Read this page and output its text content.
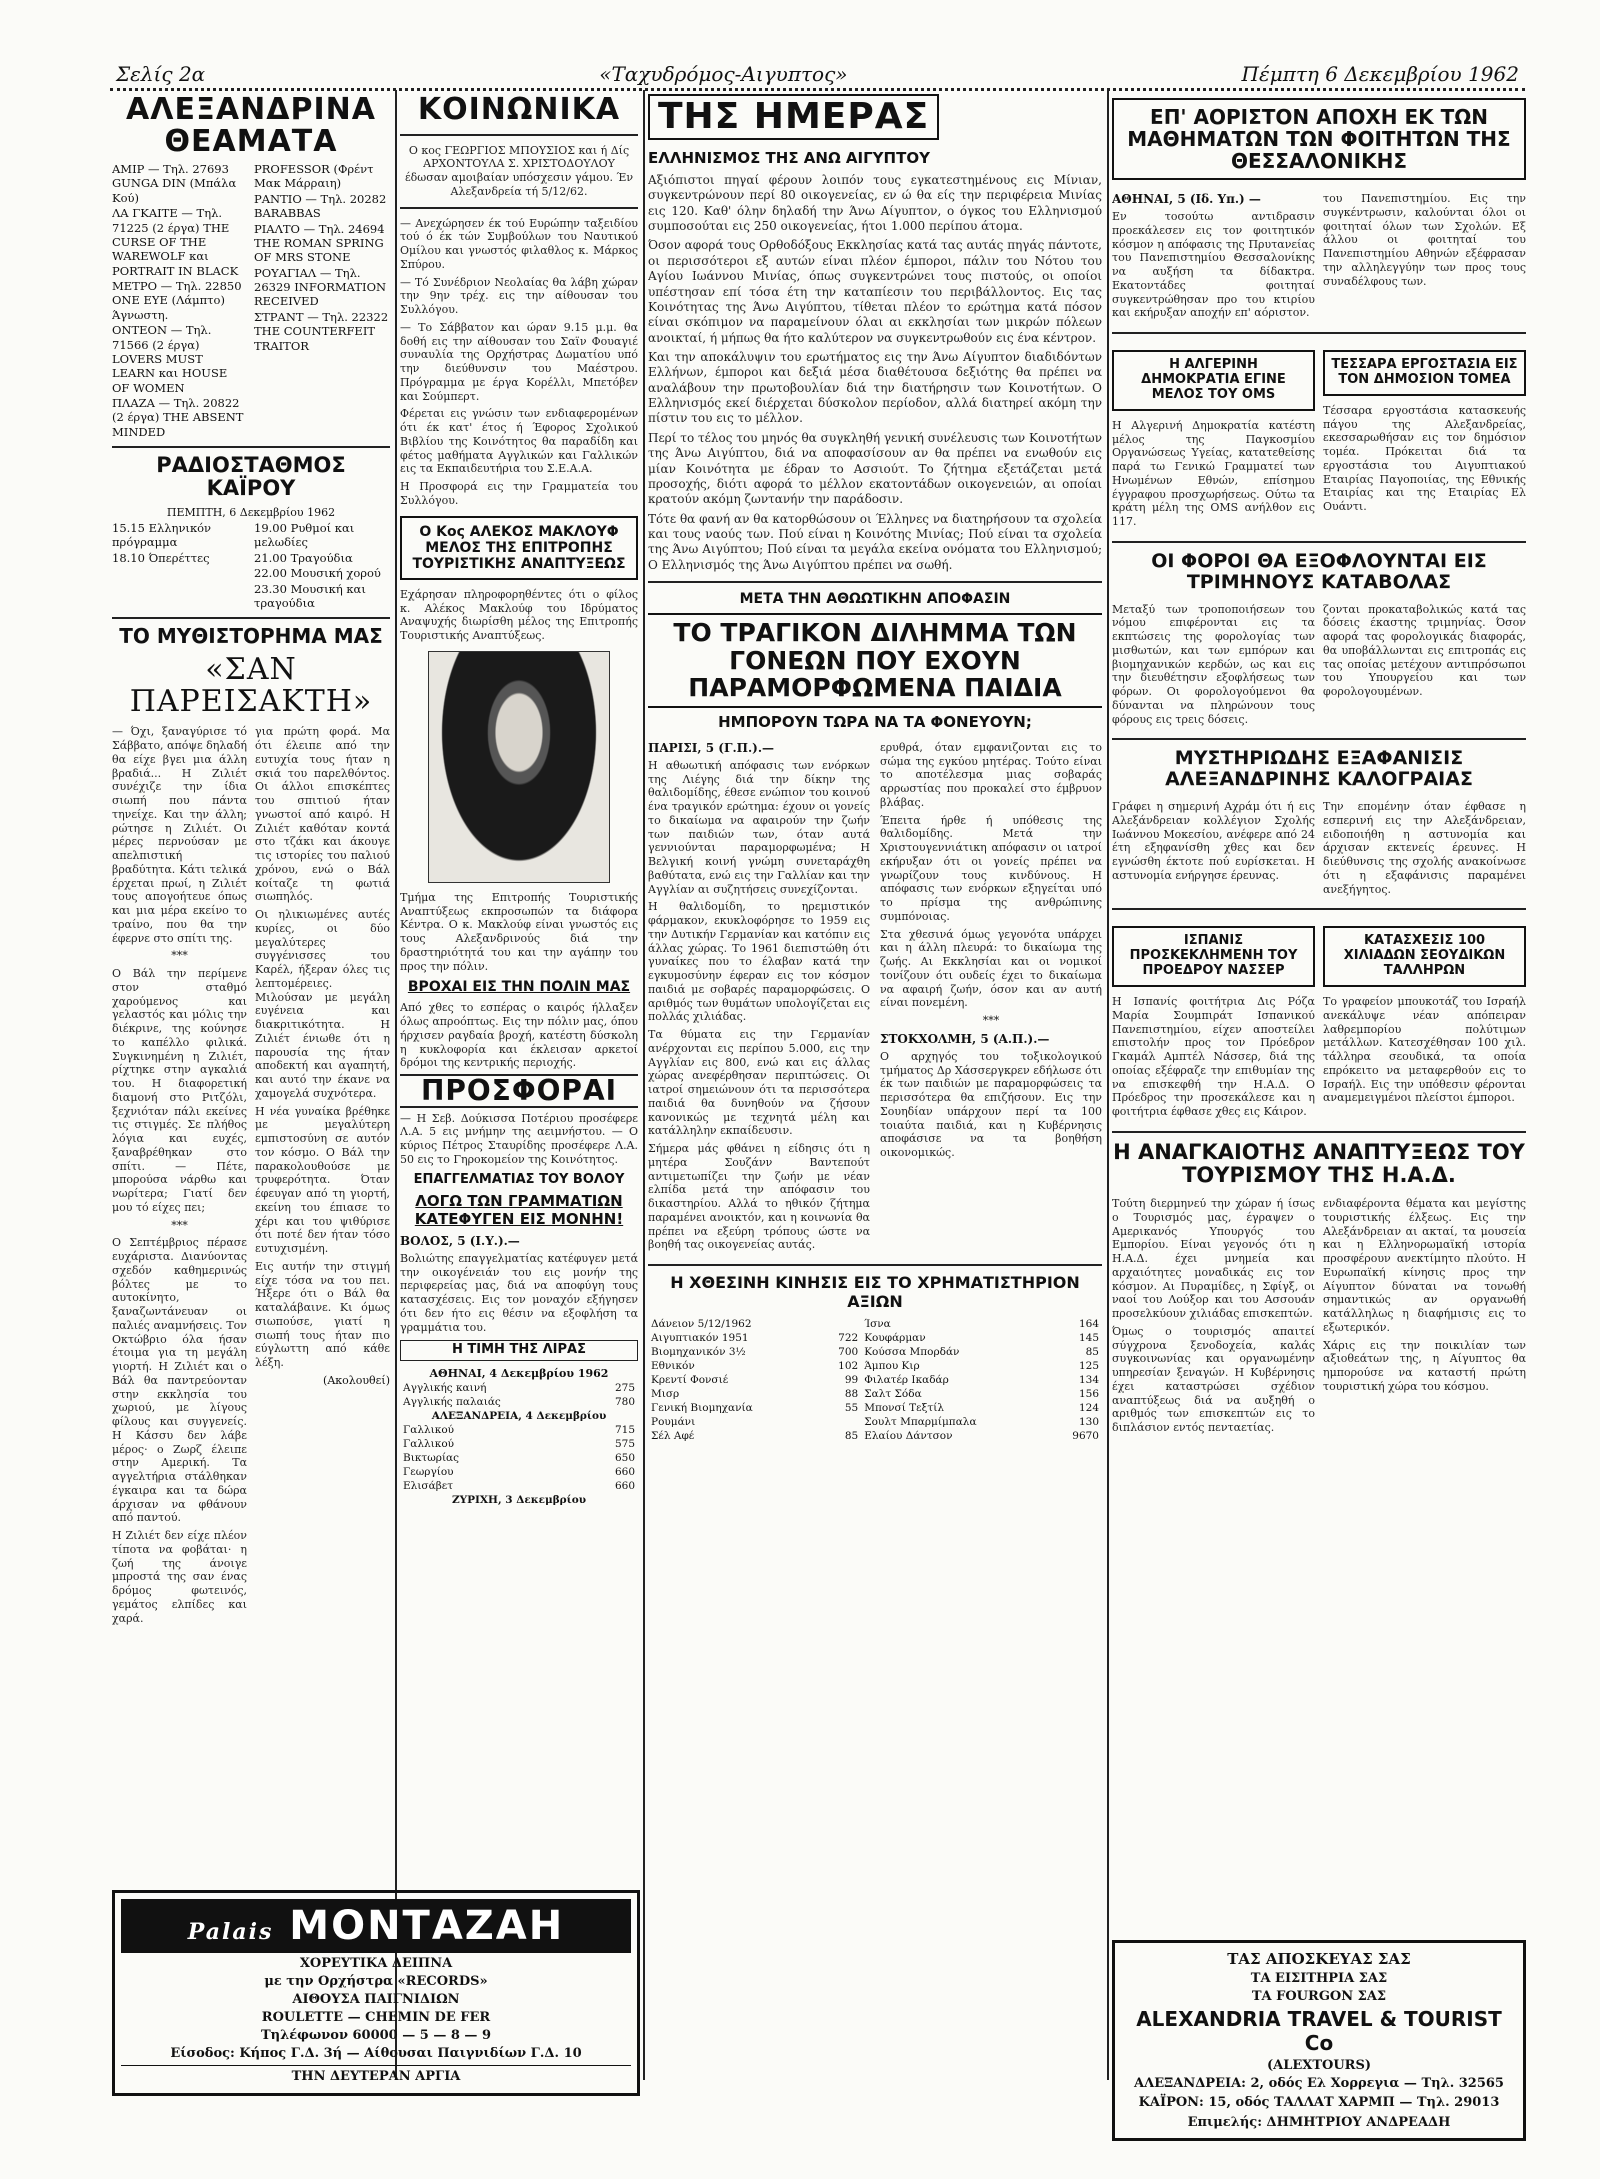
Σελίς 2α	«Ταχυδρόμος-Αιγυπτος»	Πέμπτη 6 Δεκεμβρίου 1962
ΑΛΕΞΑΝΔΡΙΝΑ ΘΕΑΜΑΤΑ
ΑΜΙΡ — Τηλ. 27693 GUNGA DIN (Μπάλα Κού)
ΛΑ ΓΚΑΙΤΕ — Τηλ. 71225 (2 έργα) THE CURSE OF THE WAREWOLF και PORTRAIT IN BLACK
ΜΕΤΡΟ — Τηλ. 22850 ONE EYE (Λάμπτο) Άγνωστη.
ΟΝΤΕΟΝ — Τηλ. 71566 (2 έργα) LOVERS MUST LEARN και HOUSE OF WOMEN
ΠΛΑΖΑ — Τηλ. 20822 (2 έργα) THE ABSENT MINDED
PROFESSOR (Φρέντ Μακ Μάρραιη)
ΡΑΝΤΙΟ — Τηλ. 20282 BARABBAS
ΡΙΑΛΤΟ — Τηλ. 24694 THE ROMAN SPRING OF MRS STONE
ΡΟΥΑΓΙΑΛ — Τηλ. 26329 INFORMATION RECEIVED
ΣΤΡΑΝΤ — Τηλ. 22322 THE COUNTERFEIT TRAITOR
ΡΑΔΙΟΣΤΑΘΜΟΣ ΚΑΪΡΟΥ
ΠΕΜΠΤΗ, 6 Δεκεμβρίου 1962
15.15 Ελληνικόν πρόγραμμα
18.10 Όπερέττες
19.00 Ρυθμοί και μελωδίες
21.00 Τραγούδια
22.00 Μουσική χορού
23.30 Μουσική και τραγούδια
ΤΟ ΜΥΘΙΣΤΟΡΗΜΑ ΜΑΣ
«ΣΑΝ ΠΑΡΕΙΣΑΚΤΗ»

— Όχι, ξαναγύρισε τό Σάββατο, απόψε δηλαδή θα είχε βγει μια άλλη βραδιά... Η Ζιλιέτ συνέχιζε την ίδια σιωπή που πάντα τηνείχε. Και την άλλη; ρώτησε η Ζιλιέτ. Οι μέρες περνούσαν με απελπιστική βραδύτητα. Κάτι τελικά έρχεται πρωί, η Ζιλιέτ τους απογοήτευε όπως και μια μέρα εκείνο το τραίνο, που θα την έφερνε στο σπίτι της.

***

Ο Βάλ την περίμενε στον σταθμό χαρούμενος και γελαστός και μόλις την διέκρινε, της κούνησε το καπέλλο φιλικά. Συγκινημένη η Ζιλιέτ, ρίχτηκε στην αγκαλιά του. Η διαφορετική διαμονή στο Ριτζόλι, ξεχνιόταν πάλι εκείνες τις στιγμές. Σε πλήθος λόγια και ευχές, ξαναβρέθηκαν στο σπίτι. — Πέτε, μπορούσα νάρθω και νωρίτερα; Γιατί δεν μου τό είχες πει;

***

Ο Σεπτέμβριος πέρασε ευχάριστα. Διανύοντας σχεδόν καθημερινώς βόλτες με το αυτοκίνητο, ξαναζωντάνευαν οι παλιές αναμνήσεις. Τον Οκτώβριο όλα ήσαν έτοιμα για τη μεγάλη γιορτή. Η Ζιλιέτ και ο Βάλ θα παντρεύονταν στην εκκλησία του χωριού, με λίγους φίλους και συγγενείς. Η Κάσσυ δεν λάβε μέρος· ο Ζωρζ έλειπε στην Αμερική. Τα αγγελτήρια στάλθηκαν έγκαιρα και τα δώρα άρχισαν να φθάνουν από παντού.

Η Ζιλιέτ δεν είχε πλέον τίποτα να φοβάται· η ζωή της άνοιγε μπροστά της σαν ένας δρόμος φωτεινός, γεμάτος ελπίδες και χαρά.

για πρώτη φορά. Μα ότι έλειπε από την ευτυχία τους ήταν η σκιά του παρελθόντος. Οι άλλοι επισκέπτες του σπιτιού ήταν γνωστοί από καιρό. Η Ζιλιέτ καθόταν κοντά στο τζάκι και άκουγε τις ιστορίες του παλιού χρόνου, ενώ ο Βάλ κοίταζε τη φωτιά σιωπηλός.

Οι ηλικιωμένες αυτές κυρίες, οι δύο μεγαλύτερες συγγένισσες του Καρέλ, ήξεραν όλες τις λεπτομέρειες. Μιλούσαν με μεγάλη ευγένεια και διακριτικότητα. Η Ζιλιέτ ένιωθε ότι η παρουσία της ήταν αποδεκτή και αγαπητή, και αυτό την έκανε να χαμογελά συχνότερα.

Η νέα γυναίκα βρέθηκε με μεγαλύτερη εμπιστοσύνη σε αυτόν τον κόσμο. Ο Βάλ την παρακολουθούσε με τρυφερότητα. Όταν έφευγαν από τη γιορτή, εκείνη του έπιασε το χέρι και του ψιθύρισε ότι ποτέ δεν ήταν τόσο ευτυχισμένη.

Εις αυτήν την στιγμή είχε τόσα να του πει. Ήξερε ότι ο Βάλ θα καταλάβαινε. Κι όμως σιωπούσε, γιατί η σιωπή τους ήταν πιο εύγλωττη από κάθε λέξη.

(Ακολουθεί)
Palais ΜΟΝΤΑΖΑΗ
ΧΟΡΕΥΤΙΚΑ ΔΕΙΠΝΑ
με την Ορχήστρα «RECORDS»
ΑΙΘΟΥΣΑ ΠΑΙΓΝΙΔΙΩΝ
ROULETTE — CHEMIN DE FER
Τηλέφωνον 60000 — 5 — 8 — 9
Είσοδος: Κήπος Γ.Δ. 3ή — Αίθουσαι Παιγνιδίων Γ.Δ. 10
ΤΗΝ ΔΕΥΤΕΡΑΝ ΑΡΓΙΑ
ΚΟΙΝΩΝΙΚΑ

Ο κος ΓΕΩΡΓΙΟΣ ΜΠΟΥΣΙΟΣ και ή Δίς ΑΡΧΟΝΤΟΥΛΑ Σ. ΧΡΙΣΤΟΔΟΥΛΟΥ έδωσαν αμοιβαίαν υπόσχεσιν γάμου. Έν Αλεξανδρεία τή 5/12/62.

— Ανεχώρησεν έκ τού Ευρώπην ταξειδίου τού ό έκ τών Συμβούλων του Ναυτικού Ομίλου και γνωστός φιλαθλος κ. Μάρκος Σπύρου.

— Τό Συνέδριον Νεολαίας θα λάβη χώραν την 9ην τρέχ. εις την αίθουσαν του Συλλόγου.

— Το Σάββατον και ώραν 9.15 μ.μ. θα δοθή εις την αίθουσαν του Σαϊν Φουαγιέ συναυλία της Ορχήστρας Δωματίου υπό την διεύθυνσιν του Μαέστρου. Πρόγραμμα με έργα Κορέλλι, Μπετόβεν και Σούμπερτ.

Φέρεται εις γνώσιν των ενδιαφερομένων ότι έκ κατ' έτος ή Έφορος Σχολικού Βιβλίου της Κοινότητος θα παραδίδη και φέτος μαθήματα Αγγλικών και Γαλλικών εις τα Εκπαιδευτήρια του Σ.Ε.Α.Α.

Η Προσφορά εις την Γραμματεία του Συλλόγου.

Ο Κος ΑΛΕΚΟΣ ΜΑΚΛΟΥΦ ΜΕΛΟΣ ΤΗΣ ΕΠΙΤΡΟΠΗΣ ΤΟΥΡΙΣΤΙΚΗΣ ΑΝΑΠΤΥΞΕΩΣ

Εχάρησαν πληροφορηθέντες ότι ο φίλος κ. Αλέκος Μακλούφ του Ιδρύματος Αναψυχής διωρίσθη μέλος της Επιτροπής Τουριστικής Αναπτύξεως.

Τμήμα της Επιτροπής Τουριστικής Αναπτύξεως εκπροσωπών τα διάφορα Κέντρα. Ο κ. Μακλούφ είναι γνωστός εις τους Αλεξανδρινούς διά την δραστηριότητά του και την αγάπην του προς την πόλιν.

ΒΡΟΧΑΙ ΕΙΣ ΤΗΝ ΠΟΛΙΝ ΜΑΣ

Από χθες το εσπέρας ο καιρός ήλλαξεν όλως απροόπτως. Εις την πόλιν μας, όπου ήρχισεν ραγδαία βροχή, κατέστη δύσκολη η κυκλοφορία και έκλεισαν αρκετοί δρόμοι της κεντρικής περιοχής.

ΠΡΟΣΦΟΡΑΙ

— Η Σεβ. Δούκισσα Ποτέριου προσέφερε Λ.Α. 5 εις μνήμην της αειμνήστου. — Ο κύριος Πέτρος Σταυρίδης προσέφερε Λ.Α. 50 εις το Γηροκομείον της Κοινότητος.

ΕΠΑΓΓΕΛΜΑΤΙΑΣ ΤΟΥ ΒΟΛΟΥ
ΛΟΓΩ ΤΩΝ ΓΡΑΜΜΑΤΙΩΝ ΚΑΤΕΦΥΓΕΝ ΕΙΣ ΜΟΝΗΝ!
ΒΟΛΟΣ, 5 (Ι.Υ.).—

Βολιώτης επαγγελματίας κατέφυγεν μετά την οικογένειάν του εις μονήν της περιφερείας μας, διά να αποφύγη τους κατασχέσεις. Εις τον μοναχόν εξήγησεν ότι δεν ήτο εις θέσιν να εξοφλήση τα γραμμάτια του.

Η ΤΙΜΗ ΤΗΣ ΛΙΡΑΣ
ΑΘΗΝΑΙ, 4 Δεκεμβρίου 1962
Αγγλικής καινή	275
Αγγλικής παλαιάς	780
ΑΛΕΞΑΝΔΡΕΙΑ, 4 Δεκεμβρίου	
Γαλλικού	715
Γαλλικού	575
Βικτωρίας	650
Γεωργίου	660
Ελισάβετ	660
ΖΥΡΙΧΗ, 3 Δεκεμβρίου	
ΤΗΣ ΗΜΕΡΑΣ
ΕΛΛΗΝΙΣΜΟΣ ΤΗΣ ΑΝΩ ΑΙΓΥΠΤΟΥ

Αξιόπιστοι πηγαί φέρουν λοιπόν τους εγκατεστημένους εις Μίνιαν, συγκεντρώνουν περί 80 οικογενείας, εν ώ θα είς την περιφέρεια Μινίας εις 120. Καθ' όλην δηλαδή την Άνω Αίγυπτον, ο όγκος του Ελληνισμού συμποσούται εις 250 οικογενείας, ήτοι 1.000 περίπου άτομα.

Όσον αφορά τους Ορθοδόξους Εκκλησίας κατά τας αυτάς πηγάς πάντοτε, οι περισσότεροι εξ αυτών είναι πλέον έμποροι, πάλιν του Νότου του Αγίου Ιωάννου Μινίας, όπως συγκεντρώνει τους πιστούς, οι οποίοι υπέστησαν επί τόσα έτη την καταπίεσιν του περιβάλλοντος. Εις τας Κοινότητας της Άνω Αιγύπτου, τίθεται πλέον το ερώτημα κατά πόσον είναι σκόπιμον να παραμείνουν όλαι αι εκκλησίαι των μικρών πόλεων ανοικταί, ή μήπως θα ήτο καλύτερον να συγκεντρωθούν εις ένα κέντρον.

Και την αποκάλυψιν του ερωτήματος εις την Άνω Αίγυπτον διαδιδόντων Ελλήνων, έμποροι και δεξιά μέσα διαθέτουσα δεξιότης θα πρέπει να αναλάβουν την πρωτοβουλίαν διά την διατήρησιν των Κοινοτήτων. Ο Ελληνισμός εκεί διέρχεται δύσκολον περίοδον, αλλά διατηρεί ακόμη την πίστιν του εις το μέλλον.

Περί το τέλος του μηνός θα συγκληθή γενική συνέλευσις των Κοινοτήτων της Άνω Αιγύπτου, διά να αποφασίσουν αν θα πρέπει να ενωθούν εις μίαν Κοινότητα με έδραν το Ασσιούτ. Το ζήτημα εξετάζεται μετά προσοχής, διότι αφορά το μέλλον εκατοντάδων οικογενειών, αι οποίαι κρατούν ακόμη ζωντανήν την παράδοσιν.

Τότε θα φανή αν θα κατορθώσουν οι Έλληνες να διατηρήσουν τα σχολεία και τους ναούς των. Πού είναι η Κοινότης Μινίας; Πού είναι τα σχολεία της Άνω Αιγύπτου; Πού είναι τα μεγάλα εκείνα ονόματα του Ελληνισμού; Ο Ελληνισμός της Άνω Αιγύπτου πρέπει να σωθή.

ΜΕΤΑ ΤΗΝ ΑΘΩΩΤΙΚΗΝ ΑΠΟΦΑΣΙΝ
ΤΟ ΤΡΑΓΙΚΟΝ ΔΙΛΗΜΜΑ ΤΩΝ ΓΟΝΕΩΝ ΠΟΥ ΕΧΟΥΝ ΠΑΡΑΜΟΡΦΩΜΕΝΑ ΠΑΙΔΙΑ
ΗΜΠΟΡΟΥΝ ΤΩΡΑ ΝΑ ΤΑ ΦΟΝΕΥΟΥΝ;
ΠΑΡΙΣΙ, 5 (Γ.Π.).—

Η αθωωτική απόφασις των ενόρκων της Λιέγης διά την δίκην της θαλιδομίδης, έθεσε ενώπιον του κοινού ένα τραγικόν ερώτημα: έχουν οι γονείς το δικαίωμα να αφαιρούν την ζωήν των παιδιών των, όταν αυτά γεννιούνται παραμορφωμένα; Η Βελγική κοινή γνώμη συνεταράχθη βαθύτατα, ενώ εις την Γαλλίαν και την Αγγλίαν αι συζητήσεις συνεχίζονται.

Η θαλιδομίδη, το ηρεμιστικόν φάρμακον, εκυκλοφόρησε το 1959 εις την Δυτικήν Γερμανίαν και κατόπιν εις άλλας χώρας. Το 1961 διεπιστώθη ότι γυναίκες που το έλαβαν κατά την εγκυμοσύνην έφεραν εις τον κόσμον παιδιά με σοβαρές παραμορφώσεις. Ο αριθμός των θυμάτων υπολογίζεται εις πολλάς χιλιάδας.

Τα θύματα εις την Γερμανίαν ανέρχονται εις περίπου 5.000, εις την Αγγλίαν εις 800, ενώ και εις άλλας χώρας ανεφέρθησαν περιπτώσεις. Οι ιατροί σημειώνουν ότι τα περισσότερα παιδιά θα δυνηθούν να ζήσουν κανονικώς με τεχνητά μέλη και κατάλληλην εκπαίδευσιν.

Σήμερα μάς φθάνει η είδησις ότι η μητέρα Σουζάνν Βαντεπούτ αντιμετωπίζει την ζωήν με νέαν ελπίδα μετά την απόφασιν του δικαστηρίου. Αλλά το ηθικόν ζήτημα παραμένει ανοικτόν, και η κοινωνία θα πρέπει να εξεύρη τρόπους ώστε να βοηθή τας οικογενείας αυτάς.

ερυθρά, όταν εμφανιζονται εις το σώμα της εγκύου μητέρας. Τούτο είναι το αποτέλεσμα μιας σοβαράς αρρωστίας που προκαλεί στο έμβρυον βλάβας.

Έπειτα ήρθε ή υπόθεσις της θαλιδομίδης. Μετά την Χριστουγεννιάτικη απόφασιν οι ιατροί εκήρυξαν ότι οι γονείς πρέπει να γνωρίζουν τους κινδύνους. Η απόφασις των ενόρκων εξηγείται υπό το πρίσμα της ανθρώπινης συμπόνοιας.

Στα χθεσινά όμως γεγονότα υπάρχει και η άλλη πλευρά: το δικαίωμα της ζωής. Αι Εκκλησίαι και οι νομικοί τονίζουν ότι ουδείς έχει το δικαίωμα να αφαιρή ζωήν, όσον και αν αυτή είναι πονεμένη.

***
ΣΤΟΚΧΟΛΜΗ, 5 (Α.Π.).—

Ο αρχηγός του τοξικολογικού τμήματος Δρ Χάσσεργκρεν εδήλωσε ότι έκ των παιδιών με παραμορφώσεις τα περισσότερα θα επιζήσουν. Εις την Σουηδίαν υπάρχουν περί τα 100 τοιαύτα παιδιά, και η Κυβέρνησις αποφάσισε να τα βοηθήση οικονομικώς.

Η ΧΘΕΣΙΝΗ ΚΙΝΗΣΙΣ ΕΙΣ ΤΟ ΧΡΗΜΑΤΙΣΤΗΡΙΟΝ ΑΞΙΩΝ
Δάνειον 5/12/1962		Ίσνα	164
Αιγυπτιακόν 1951	722	Κουφάρμαν	145
Βιομηχανικόν 3½	700	Κούσσα Μπορδάν	85
Εθνικόν	102	Άμπου Κιρ	125
Κρεντί Φονσιέ	99	Φιλατέρ Ικαδάρ	134
Μισρ	88	Σαλτ Σόδα	156
Γενική Βιομηχανία	55	Μπονσί Τεξτίλ	124
Ρουμάνι		Σουλτ Μπαρμίμπαλα	130
Σέλ Αφέ	85	Ελαίου Δάντσον	9670
ΕΠ' ΑΟΡΙΣΤΟΝ ΑΠΟΧΗ ΕΚ ΤΩΝ ΜΑΘΗΜΑΤΩΝ ΤΩΝ ΦΟΙΤΗΤΩΝ ΤΗΣ ΘΕΣΣΑΛΟΝΙΚΗΣ
ΑΘΗΝΑΙ, 5 (Ιδ. Υπ.) —

Εν τοσούτω αντιδρασιν προεκάλεσεν εις τον φοιτητικόν κόσμον η απόφασις της Πρυτανείας του Πανεπιστημίου Θεσσαλονίκης να αυξήση τα δίδακτρα. Εκατοντάδες φοιτηταί συγκεντρώθησαν προ του κτιρίου και εκήρυξαν αποχήν επ' αόριστον.

του Πανεπιστημίου. Εις την συγκέντρωσιν, καλούνται όλοι οι φοιτηταί όλων των Σχολών. Εξ άλλου οι φοιτηταί του Πανεπιστημίου Αθηνών εξέφρασαν την αλληλεγγύην των προς τους συναδέλφους των.

Η ΑΛΓΕΡΙΝΗ ΔΗΜΟΚΡΑΤΙΑ ΕΓΙΝΕ ΜΕΛΟΣ ΤΟΥ OMS

Η Αλγερινή Δημοκρατία κατέστη μέλος της Παγκοσμίου Οργανώσεως Υγείας, κατατεθείσης παρά τω Γενικώ Γραμματεί των Ηνωμένων Εθνών, επίσημου έγγραφου προσχωρήσεως. Ούτω τα κράτη μέλη της OMS ανήλθον εις 117.

ΤΕΣΣΑΡΑ ΕΡΓΟΣΤΑΣΙΑ ΕΙΣ ΤΟΝ ΔΗΜΟΣΙΟΝ ΤΟΜΕΑ

Τέσσαρα εργοστάσια κατασκευής πάγου της Αλεξανδρείας, εκεσσαρωθήσαν εις τον δημόσιον τομέα. Πρόκειται διά τα εργοστάσια του Αιγυπτιακού Εταιρίας Παγοποιίας, της Εθνικής Εταιρίας και της Εταιρίας Ελ Ουάντι.

ΟΙ ΦΟΡΟΙ ΘΑ ΕΞΟΦΛΟΥΝΤΑΙ ΕΙΣ ΤΡΙΜΗΝΟΥΣ ΚΑΤΑΒΟΛΑΣ

Μεταξύ των τροποποιήσεων του νόμου επιφέρονται εις τα εκπτώσεις της φορολογίας των μισθωτών, και των εμπόρων και βιομηχανικών κερδών, ως και εις την διευθέτησιν εξοφλήσεως των φόρων. Οι φορολογούμενοι θα δύνανται να πληρώνουν τους φόρους εις τρεις δόσεις.

ζονται προκαταβολικώς κατά τας δόσεις έκαστης τριμηνίας. Όσον αφορά τας φορολογικάς διαφοράς, θα υποβάλλωνται εις επιτροπάς εις τας οποίας μετέχουν αντιπρόσωποι του Υπουργείου και των φορολογουμένων.

ΜΥΣΤΗΡΙΩΔΗΣ ΕΞΑΦΑΝΙΣΙΣ ΑΛΕΞΑΝΔΡΙΝΗΣ ΚΑΛΟΓΡΑΙΑΣ

Γράφει η σημερινή Αχράμ ότι ή εις Αλεξάνδρειαν κολλέγιον Σχολής Ιωάννου Μοκεσίου, ανέφερε από 24 έτη εξηφανίσθη χθες και δεν εγνώσθη έκτοτε πού ευρίσκεται. Η αστυνομία ενήργησε έρευνας.

Την επομένην όταν έφθασε η εσπερινή εις την Αλεξάνδρειαν, ειδοποιήθη η αστυνομία και άρχισαν εκτενείς έρευνες. Η διεύθυνσις της σχολής ανακοίνωσε ότι η εξαφάνισις παραμένει ανεξήγητος.

ΙΣΠΑΝΙΣ ΠΡΟΣΚΕΚΛΗΜΕΝΗ ΤΟΥ ΠΡΟΕΔΡΟΥ ΝΑΣΣΕΡ

Η Ισπανίς φοιτήτρια Δις Ρόζα Μαρία Σουμπιράτ Ισπανικού Πανεπιστημίου, είχεν αποστείλει επιστολήν προς τον Πρόεδρον Γκαμάλ Αμπτέλ Νάσσερ, διά της οποίας εξέφραζε την επιθυμίαν της να επισκεφθή την Η.Α.Δ. Ο Πρόεδρος την προσεκάλεσε και η φοιτήτρια έφθασε χθες εις Κάιρον.

ΚΑΤΑΣΧΕΣΙΣ 100 ΧΙΛΙΑΔΩΝ ΣΕΟΥΔΙΚΩΝ ΤΑΛΛΗΡΩΝ

Το γραφείον μπουκοτάζ του Ισραήλ ανεκάλυψε νέαν απόπειραν λαθρεμπορίου πολύτιμων μετάλλων. Κατεσχέθησαν 100 χιλ. τάλληρα σεουδικά, τα οποία επρόκειτο να μεταφερθούν εις το Ισραήλ. Εις την υπόθεσιν φέρονται αναμεμειγμένοι πλείστοι έμποροι.

Η ΑΝΑΓΚΑΙΟΤΗΣ ΑΝΑΠΤΥΞΕΩΣ ΤΟΥ ΤΟΥΡΙΣΜΟΥ ΤΗΣ Η.Α.Δ.

Τούτη διερμηνεύ την χώραν ή ίσως ο Τουρισμός μας, έγραψεν ο Αμερικανός Υπουργός του Εμπορίου. Είναι γεγονός ότι η Η.Α.Δ. έχει μνημεία και αρχαιότητες μοναδικάς εις τον κόσμον. Αι Πυραμίδες, η Σφίγξ, οι ναοί του Λούξορ και του Ασσουάν προσελκύουν χιλιάδας επισκεπτών.

Όμως ο τουρισμός απαιτεί σύγχρονα ξενοδοχεία, καλάς συγκοινωνίας και οργανωμένην υπηρεσίαν ξεναγών. Η Κυβέρνησις έχει καταστρώσει σχέδιον αναπτύξεως διά να αυξηθή ο αριθμός των επισκεπτών εις το διπλάσιον εντός πενταετίας.

ενδιαφέροντα θέματα και μεγίστης τουριστικής έλξεως. Εις την Αλεξάνδρειαν αι ακταί, τα μουσεία και η Ελληνορωμαϊκή ιστορία προσφέρουν ανεκτίμητο πλούτο. Η Ευρωπαϊκή κίνησις προς την Αίγυπτον δύναται να τονωθή σημαντικώς αν οργανωθή κατάλληλως η διαφήμισις εις το εξωτερικόν.

Χάρις εις την ποικιλίαν των αξιοθεάτων της, η Αίγυπτος θα ημπορούσε να καταστή πρώτη τουριστική χώρα του κόσμου.

ΤΑΣ ΑΠΟΣΚΕΥΑΣ ΣΑΣ
ΤΑ ΕΙΣΙΤΗΡΙΑ ΣΑΣ
ΤΑ FOURGON ΣΑΣ
ALEXANDRIA TRAVEL & TOURIST Co
(ALEXTOURS)
ΑΛΕΞΑΝΔΡΕΙΑ: 2, οδός Ελ Χορρεγια — Τηλ. 32565
ΚΑΪΡΟΝ: 15, οδός ΤΑΛΛΑΤ ΧΑΡΜΠ — Τηλ. 29013
Επιμελής: ΔΗΜΗΤΡΙΟΥ ΑΝΔΡΕΑΔΗ
